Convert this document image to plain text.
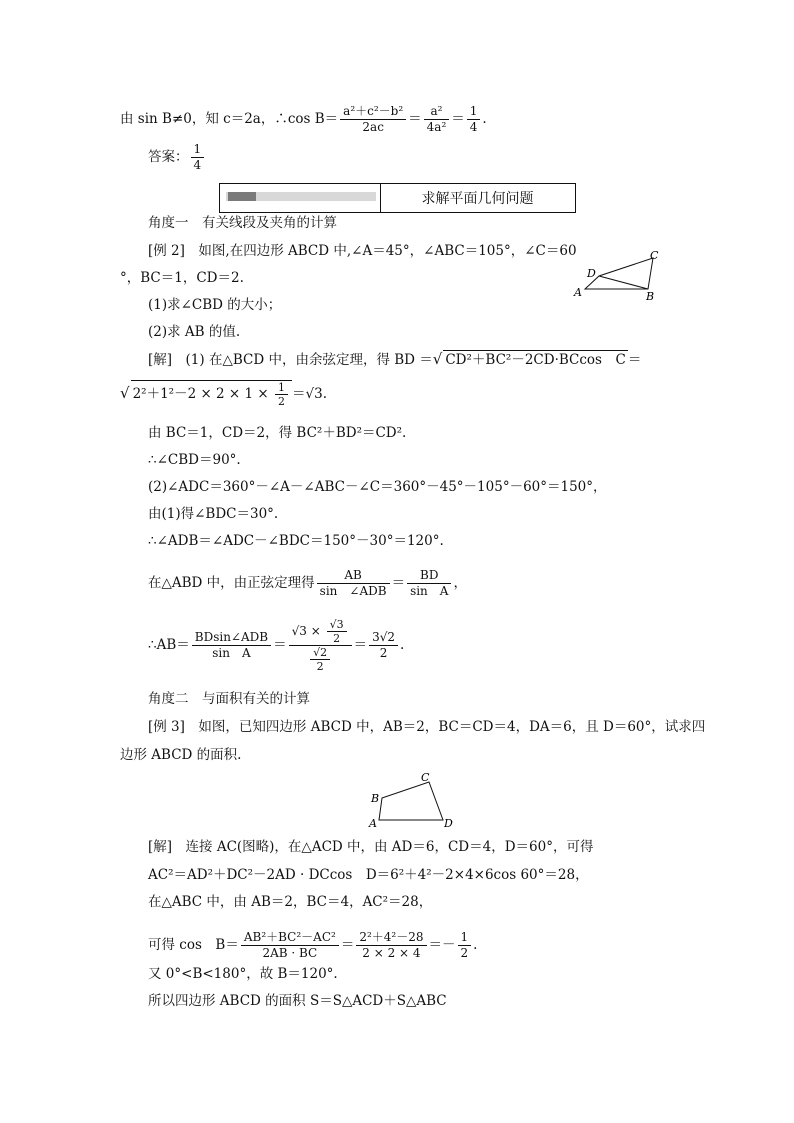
由 sin B≠0，知 c＝2a，∴cos $B= \frac{\text{a²＋c²－b²}}{2ac} = \frac{\text{a²}}{\text{4a²}} = \frac{1}{4}$ .
答案： $\frac{1}{4}$
求解平面几何问题
角度一　有关线段及夹角的计算
[例 2]　如图,在四边形 ABCD 中,∠A＝45°，∠ABC＝105°，∠C＝60
°，BC＝1，CD＝2.
(1)求∠CBD 的大小；
(2)求 AB 的值.
A
D
C
B
[解]　(1) 在△BCD 中，由余弦定理，得 BD ＝√ CD²＋BC²－2CD·BCcos　C ＝
√ $2^2+1^2-2 \times 2 \times 1 \times \frac{1}{2} =√3$.
由 BC＝1，CD＝2，得 BC²＋BD²＝CD².
∴∠CBD＝90°.
(2)∠ADC＝360°－∠A－∠ABC－∠C＝360°－45°－105°－60°＝150°，
由(1)得∠BDC＝30°.
∴∠ADB＝∠ADC－∠BDC＝150°－30°＝120°.
在△ABD 中，由正弦定理得 $\frac{AB}{\text{sin　∠ADB}} = \frac{BD}{\text{sin　A}}$ ，
∴AB＝ $\frac{\text{BDsin∠ADB}}{\text{sin　A}} = \frac{√3 \times \frac{√3}{2}}{\frac{√2}{2}} = \frac{3√2}{2}$ .
角度二　与面积有关的计算
[例 3]　如图，已知四边形 ABCD 中，AB＝2，BC＝CD＝4，DA＝6，且 D＝60°，试求四
边形 ABCD 的面积.
A
B
C
D
[解]　连接 AC(图略)，在△ACD 中，由 AD＝6，CD＝4，D＝60°，可得
AC²＝AD²＋DC²－2AD · DCcos　D＝6²＋4²－2×4×6cos 60°＝28，
在△ABC 中，由 AB＝2，BC＝4，AC²＝28，
可得 cos　$B= \frac{\text{AB²＋BC²－AC²}}{2AB \cdot BC} = \frac{\text{2²＋4²－28}}{2 \times 2 \times 4} =- \frac{1}{2}$ .
又 0°<B<180°，故 B＝120°.
所以四边形 ABCD 的面积 S＝S△ACD＋S△ABC
